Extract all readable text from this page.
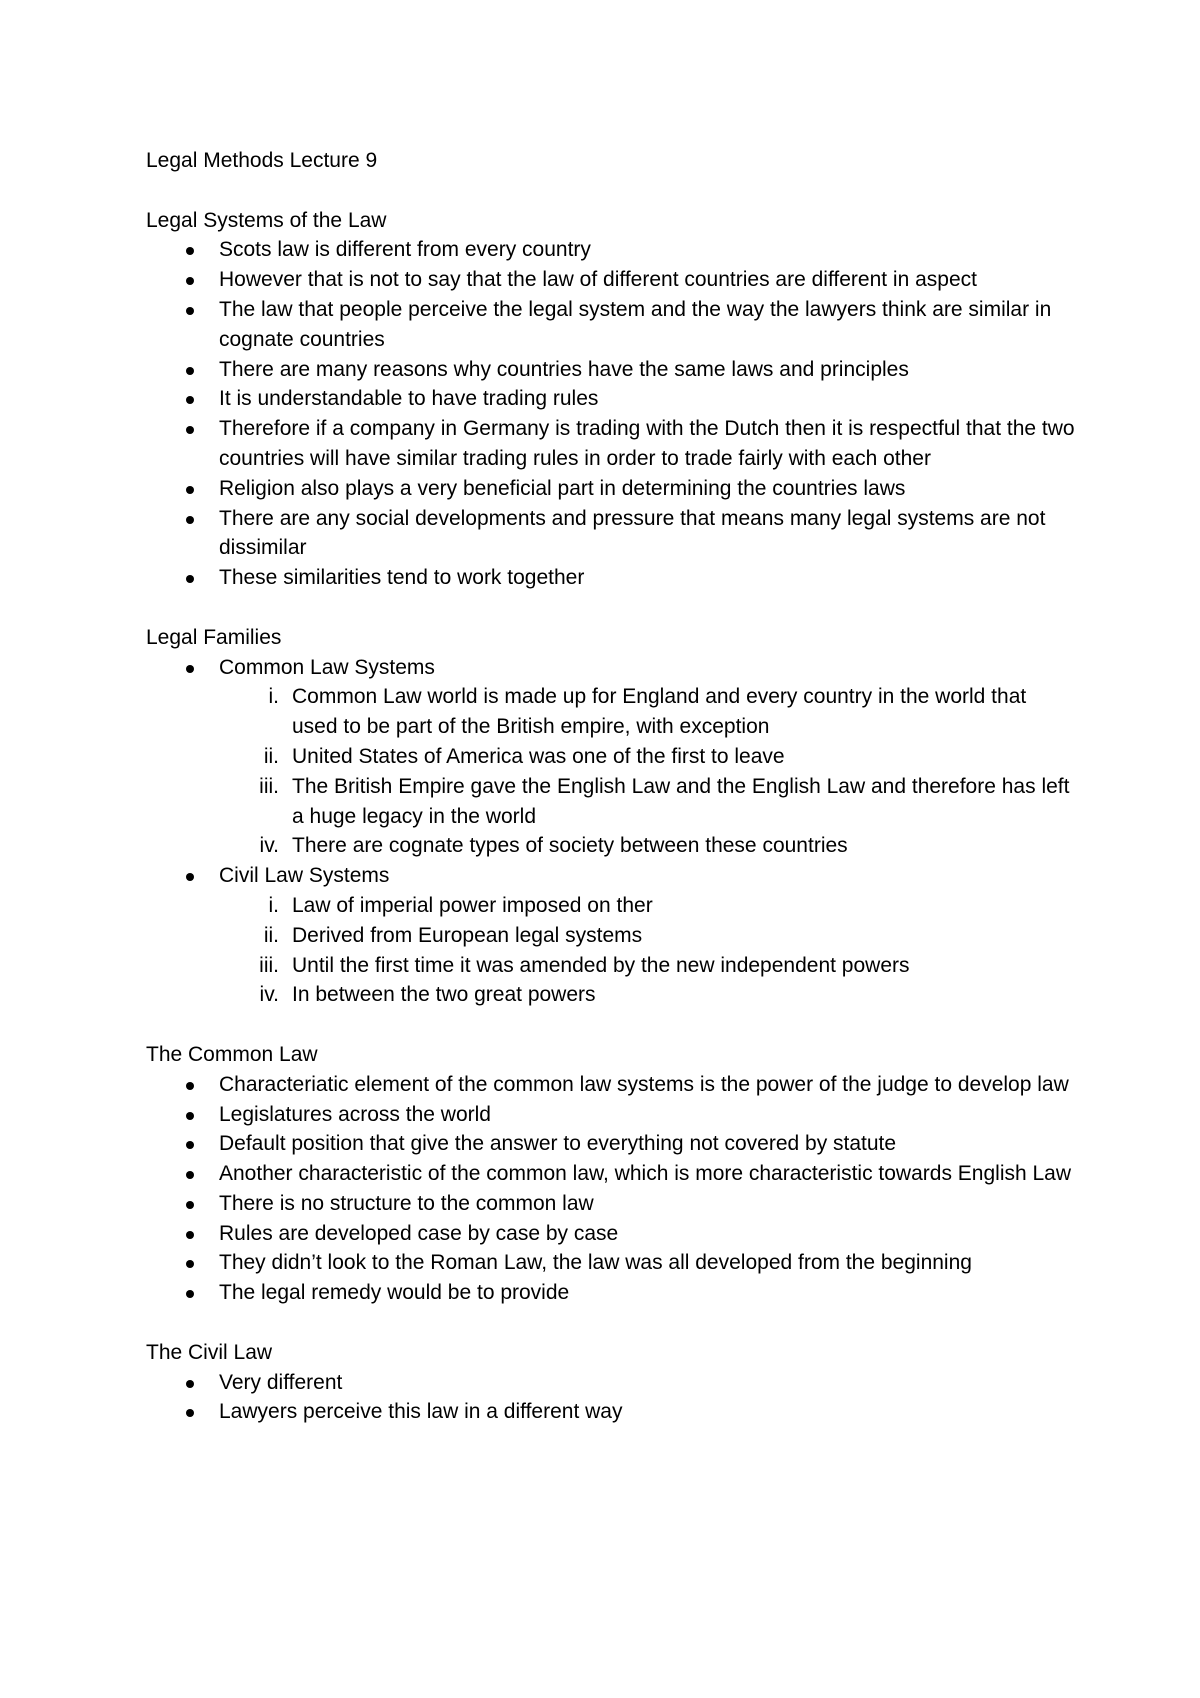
Legal Methods Lecture 9
Legal Systems of the Law
Scots law is different from every country
However that is not to say that the law of different countries are different in aspect
The law that people perceive the legal system and the way the lawyers think are similar in cognate countries
There are many reasons why countries have the same laws and principles
It is understandable to have trading rules
Therefore if a company in Germany is trading with the Dutch then it is respectful that the two countries will have similar trading rules in order to trade fairly with each other
Religion also plays a very beneficial part in determining the countries laws
There are any social developments and pressure that means many legal systems are not dissimilar
These similarities tend to work together
Legal Families
Common Law Systems
i. Common Law world is made up for England and every country in the world that used to be part of the British empire, with exception
ii. United States of America was one of the first to leave
iii. The British Empire gave the English Law and the English Law and therefore has left a huge legacy in the world
iv. There are cognate types of society between these countries
Civil Law Systems
i. Law of imperial power imposed on ther
ii. Derived from European legal systems
iii. Until the first time it was amended by the new independent powers
iv. In between the two great powers
The Common Law
Characteriatic element of the common law systems is the power of the judge to develop law
Legislatures across the world
Default position that give the answer to everything not covered by statute
Another characteristic of the common law, which is more characteristic towards English Law
There is no structure to the common law
Rules are developed case by case by case
They didn’t look to the Roman Law, the law was all developed from the beginning
The legal remedy would be to provide
The Civil Law
Very different
Lawyers perceive this law in a different way
